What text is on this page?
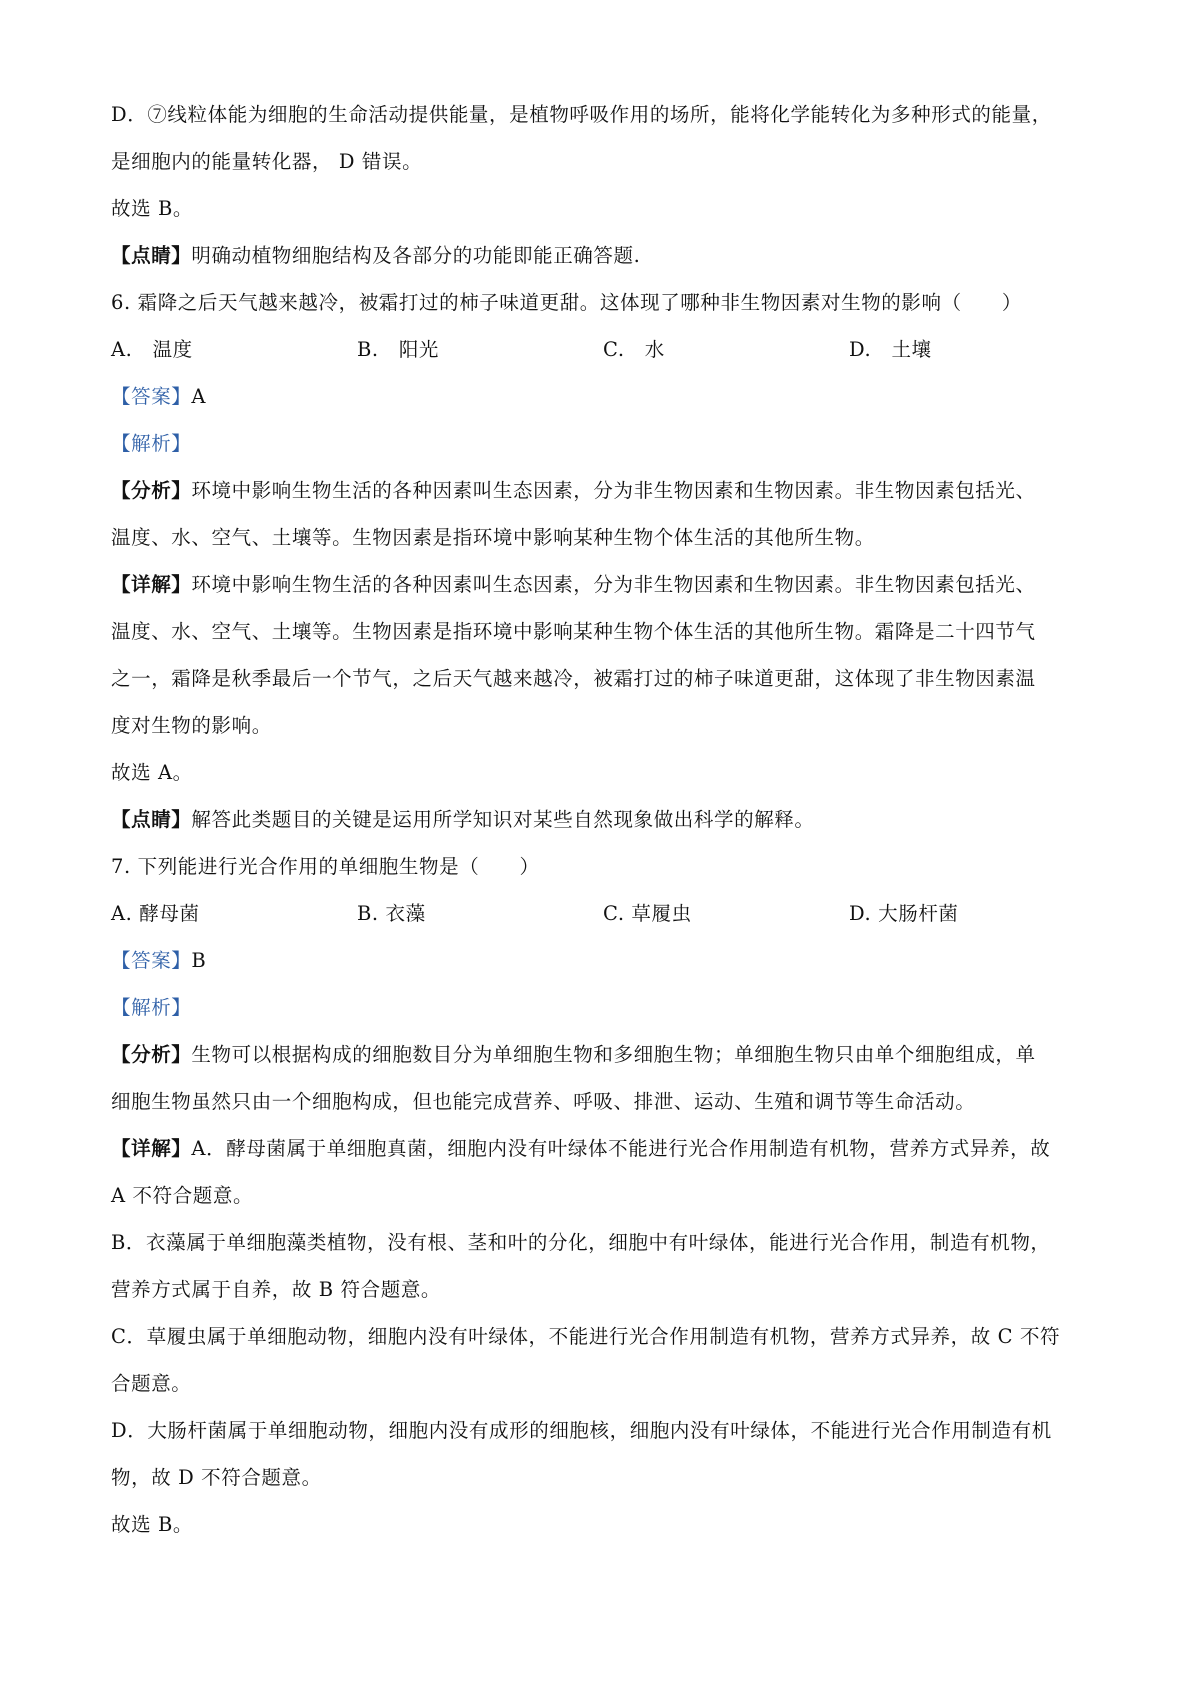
D．⑦线粒体能为细胞的生命活动提供能量，是植物呼吸作用的场所，能将化学能转化为多种形式的能量，
是细胞内的能量转化器， D 错误。
故选 B。
【点睛】明确动植物细胞结构及各部分的功能即能正确答题.
6. 霜降之后天气越来越冷，被霜打过的柿子味道更甜。这体现了哪种非生物因素对生物的影响（　　）
A.　温度	B.　阳光	C.　水	D.　土壤
【答案】A
【解析】
【分析】环境中影响生物生活的各种因素叫生态因素，分为非生物因素和生物因素。非生物因素包括光、
温度、水、空气、土壤等。生物因素是指环境中影响某种生物个体生活的其他所生物。
【详解】环境中影响生物生活的各种因素叫生态因素，分为非生物因素和生物因素。非生物因素包括光、
温度、水、空气、土壤等。生物因素是指环境中影响某种生物个体生活的其他所生物。霜降是二十四节气
之一，霜降是秋季最后一个节气，之后天气越来越冷，被霜打过的柿子味道更甜，这体现了非生物因素温
度对生物的影响。
故选 A。
【点睛】解答此类题目的关键是运用所学知识对某些自然现象做出科学的解释。
7. 下列能进行光合作用的单细胞生物是（　　）
A. 酵母菌	B. 衣藻	C. 草履虫	D. 大肠杆菌
【答案】B
【解析】
【分析】生物可以根据构成的细胞数目分为单细胞生物和多细胞生物；单细胞生物只由单个细胞组成，单
细胞生物虽然只由一个细胞构成，但也能完成营养、呼吸、排泄、运动、生殖和调节等生命活动。
【详解】A．酵母菌属于单细胞真菌，细胞内没有叶绿体不能进行光合作用制造有机物，营养方式异养，故
A 不符合题意。
B．衣藻属于单细胞藻类植物，没有根、茎和叶的分化，细胞中有叶绿体，能进行光合作用，制造有机物，
营养方式属于自养，故 B 符合题意。
C．草履虫属于单细胞动物，细胞内没有叶绿体，不能进行光合作用制造有机物，营养方式异养，故 C 不符
合题意。
D．大肠杆菌属于单细胞动物，细胞内没有成形的细胞核，细胞内没有叶绿体，不能进行光合作用制造有机
物，故 D 不符合题意。
故选 B。
